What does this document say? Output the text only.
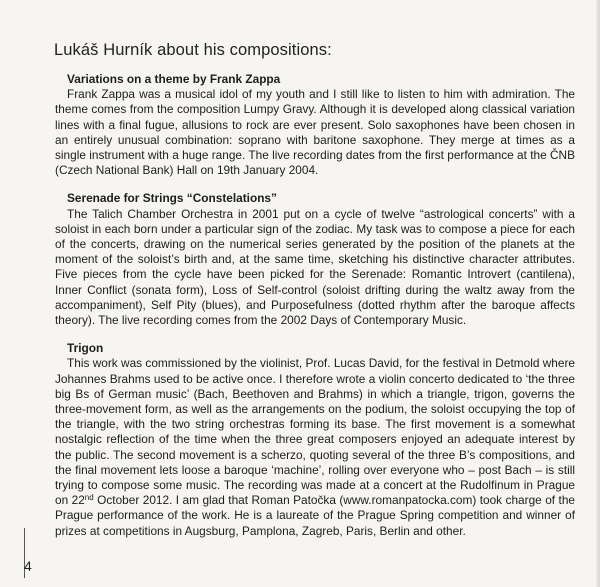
Lukáš Hurník about his compositions:
Variations on a theme by Frank Zappa

Frank Zappa was a musical idol of my youth and I still like to listen to him with admiration. The theme comes from the composition Lumpy Gravy. Although it is developed along classical variation lines with a final fugue, allusions to rock are ever present. Solo saxophones have been chosen in an entirely unusual combination: soprano with baritone saxophone. They merge at times as a single instrument with a huge range. The live recording dates from the first performance at the ČNB (Czech National Bank) Hall on 19th January 2004.

Serenade for Strings “Constelations”

The Talich Chamber Orchestra in 2001 put on a cycle of twelve “astrological concerts” with a soloist in each born under a particular sign of the zodiac. My task was to compose a piece for each of the concerts, drawing on the numerical series generated by the position of the planets at the moment of the soloist’s birth and, at the same time, sketching his distinctive character attributes. Five pieces from the cycle have been picked for the Serenade: Romantic Introvert (cantilena), Inner Conflict (sonata form), Loss of Self-control (soloist drifting during the waltz away from the accompaniment), Self Pity (blues), and Purposefulness (dotted rhythm after the baroque affects theory). The live recording comes from the 2002 Days of Contemporary Music.

Trigon

This work was commissioned by the violinist, Prof. Lucas David, for the festival in Detmold where Johannes Brahms used to be active once. I therefore wrote a violin concerto dedicated to ‘the three big Bs of German music’ (Bach, Beethoven and Brahms) in which a triangle, trigon, governs the three-movement form, as well as the arrangements on the podium, the soloist occupying the top of the triangle, with the two string orchestras forming its base. The first movement is a somewhat nostalgic reflection of the time when the three great composers enjoyed an adequate interest by the public. The second movement is a scherzo, quoting several of the three B’s compositions, and the final movement lets loose a baroque ‘machine’, rolling over everyone who – post Bach – is still trying to compose some music. The recording was made at a concert at the Rudolfinum in Prague on 22nd October 2012. I am glad that Roman Patočka (www.romanpatocka.com) took charge of the Prague performance of the work. He is a laureate of the Prague Spring competition and winner of prizes at competitions in Augsburg, Pamplona, Zagreb, Paris, Berlin and other.

4
